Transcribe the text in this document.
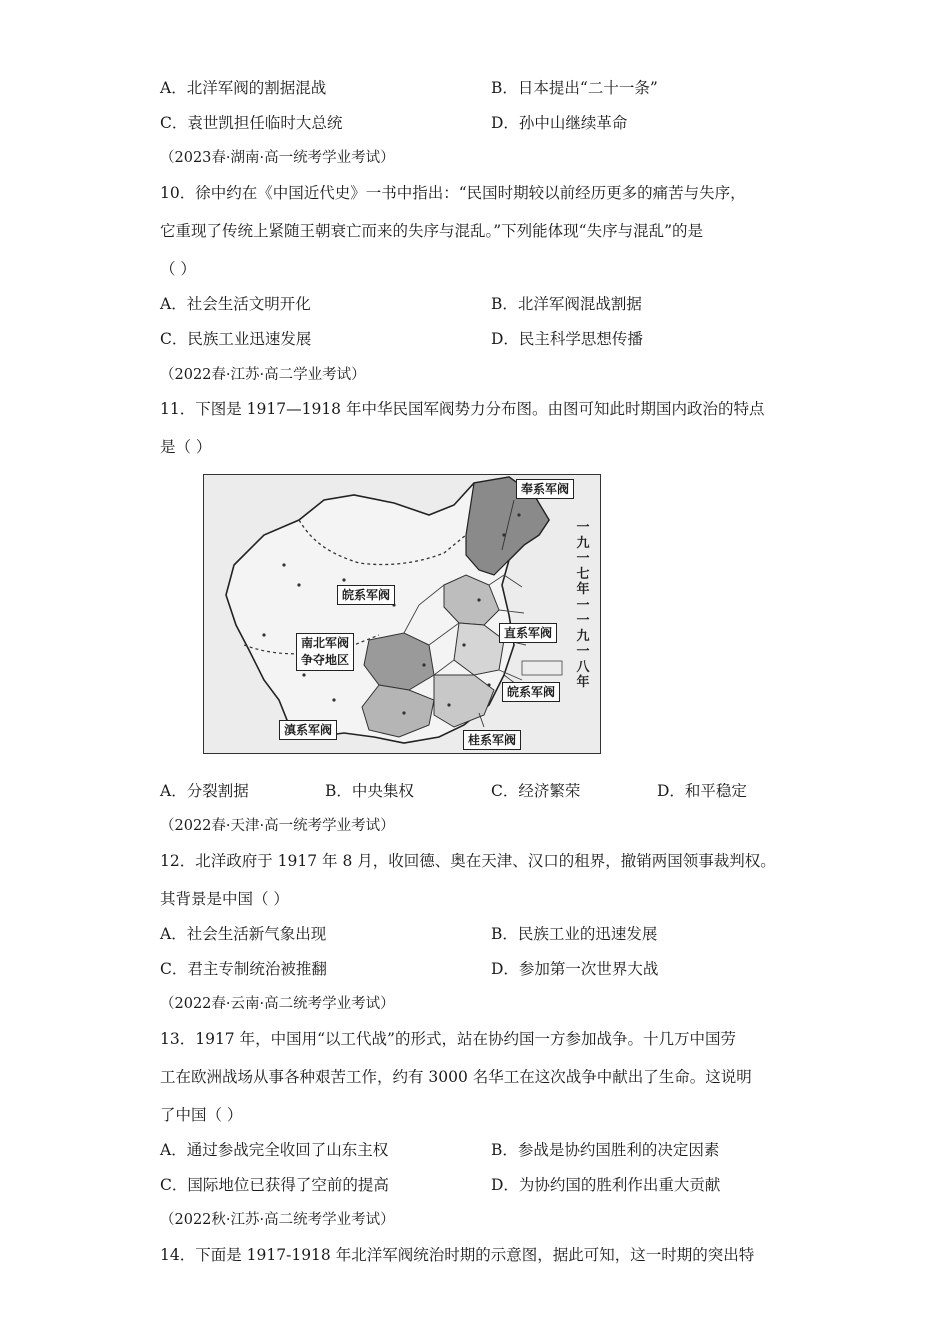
A．北洋军阀的割据混战	B．日本提出“二十一条”
C．袁世凯担任临时大总统	D．孙中山继续革命
（2023春·湖南·高一统考学业考试）
10．徐中约在《中国近代史》一书中指出：“民国时期较以前经历更多的痛苦与失序，
它重现了传统上紧随王朝衰亡而来的失序与混乱。”下列能体现“失序与混乱”的是
（ ）
A．社会生活文明开化	B．北洋军阀混战割据
C．民族工业迅速发展	D．民主科学思想传播
（2022春·江苏·高二学业考试）
11．下图是 1917—1918 年中华民国军阀势力分布图。由图可知此时期国内政治的特点
是（ ）
奉系军阀
皖系军阀
直系军阀
南北军阀
争夺地区
皖系军阀
滇系军阀
桂系军阀
一九一七年一一九一八年
A．分裂割据	B．中央集权	C．经济繁荣	D．和平稳定
（2022春·天津·高一统考学业考试）
12．北洋政府于 1917 年 8 月，收回德、奥在天津、汉口的租界，撤销两国领事裁判权。
其背景是中国（ ）
A．社会生活新气象出现	B．民族工业的迅速发展
C．君主专制统治被推翻	D．参加第一次世界大战
（2022春·云南·高二统考学业考试）
13．1917 年，中国用“以工代战”的形式，站在协约国一方参加战争。十几万中国劳
工在欧洲战场从事各种艰苦工作，约有 3000 名华工在这次战争中献出了生命。这说明
了中国（ ）
A．通过参战完全收回了山东主权	B．参战是协约国胜利的决定因素
C．国际地位已获得了空前的提高	D．为协约国的胜利作出重大贡献
（2022秋·江苏·高二统考学业考试）
14．下面是 1917-1918 年北洋军阀统治时期的示意图，据此可知，这一时期的突出特
